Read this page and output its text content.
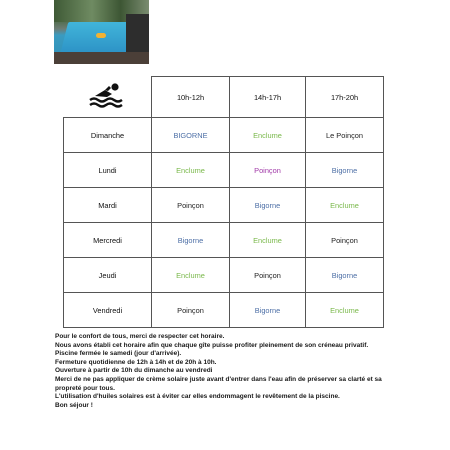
	10h-12h	14h-17h	17h-20h
Dimanche	BIGORNE	Enclume	Le Poinçon
Lundi	Enclume	Poinçon	Bigorne
Mardi	Poinçon	Bigorne	Enclume
Mercredi	Bigorne	Enclume	Poinçon
Jeudi	Enclume	Poinçon	Bigorne
Vendredi	Poinçon	Bigorne	Enclume

Pour le confort de tous, merci de respecter cet horaire.

Nous avons établi cet horaire afin que chaque gîte puisse profiter pleinement de son créneau privatif.

Piscine fermée le samedi (jour d'arrivée).

Fermeture quotidienne de 12h à 14h et de 20h à 10h.

Ouverture à partir de 10h du dimanche au vendredi

Merci de ne pas appliquer de crème solaire juste avant d'entrer dans l'eau afin de préserver sa clarté et sa propreté pour tous.

L'utilisation d'huiles solaires est à éviter car elles endommagent le revêtement de la piscine.

Bon séjour !
